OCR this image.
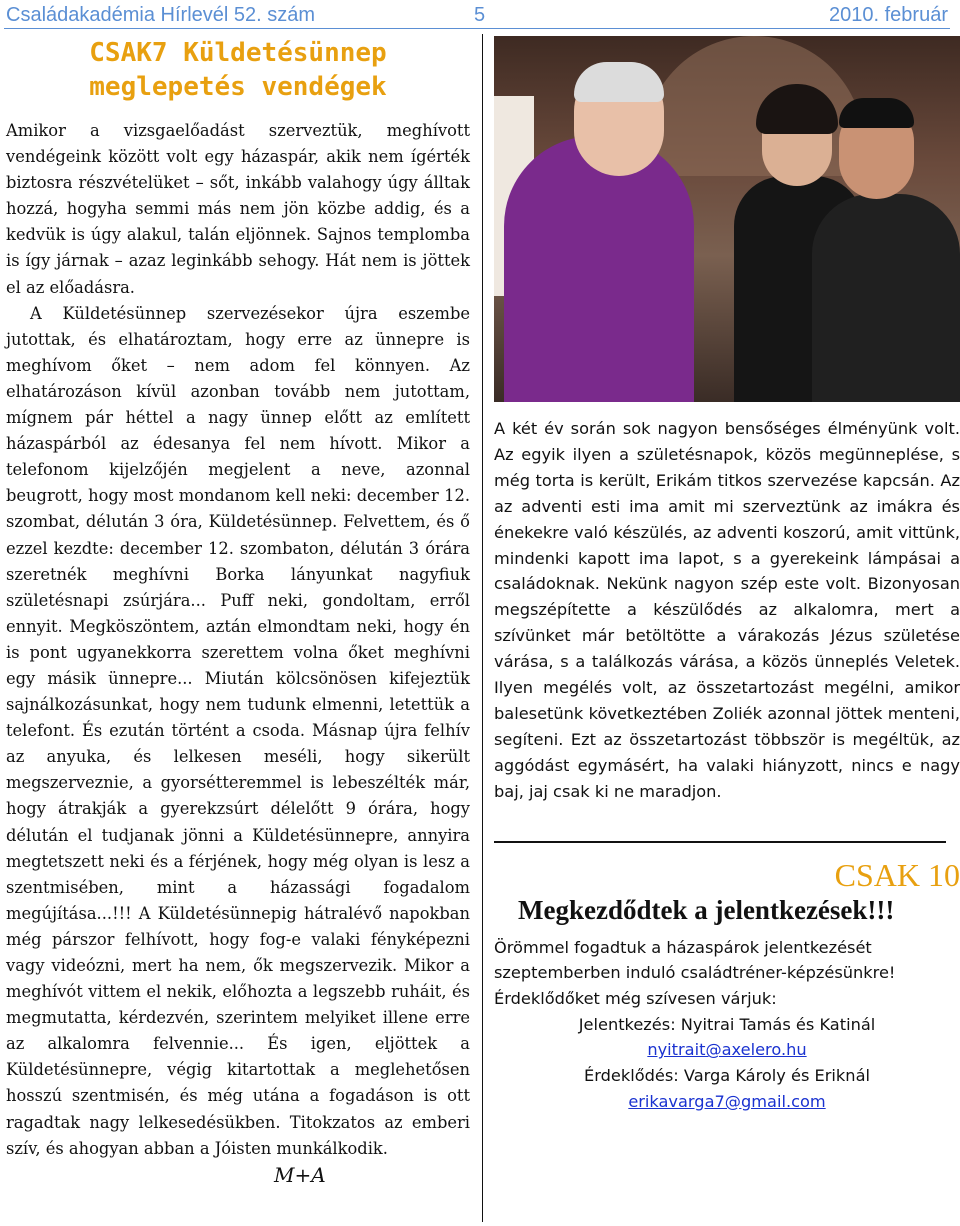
Családakadémia Hírlevél 52. szám	5	2010. február
CSAK7 Küldetésünnep
meglepetés vendégek

Amikor a vizsgaelőadást szerveztük, meghívott vendégeink között volt egy házaspár, akik nem ígérték biztosra részvételüket – sőt, inkább valahogy úgy álltak hozzá, hogyha semmi más nem jön közbe addig, és a kedvük is úgy alakul, talán eljönnek. Sajnos templomba is így járnak – azaz leginkább sehogy. Hát nem is jöttek el az előadásra.

A Küldetésünnep szervezésekor újra eszembe jutottak, és elhatároztam, hogy erre az ünnepre is meghívom őket – nem adom fel könnyen. Az elhatározáson kívül azonban tovább nem jutottam, mígnem pár héttel a nagy ünnep előtt az említett házaspárból az édesanya fel nem hívott. Mikor a telefonom kijelzőjén megjelent a neve, azonnal beugrott, hogy most mondanom kell neki: december 12. szombat, délután 3 óra, Küldetésünnep. Felvettem, és ő ezzel kezdte: december 12. szombaton, délután 3 órára szeretnék meghívni Borka lányunkat nagyfiuk születésnapi zsúrjára... Puff neki, gondoltam, erről ennyit. Megköszöntem, aztán elmondtam neki, hogy én is pont ugyanekkorra szerettem volna őket meghívni egy másik ünnepre... Miután kölcsönösen kifejeztük sajnálkozásunkat, hogy nem tudunk elmenni, letettük a telefont. És ezután történt a csoda. Másnap újra felhív az anyuka, és lelkesen meséli, hogy sikerült megszerveznie, a gyorsétteremmel is lebeszélték már, hogy átrakják a gyerekzsúrt délelőtt 9 órára, hogy délután el tudjanak jönni a Küldetésünnepre, annyira megtetszett neki és a férjének, hogy még olyan is lesz a szentmisében, mint a házassági fogadalom megújítása...!!! A Küldetésünnepig hátralévő napokban még párszor felhívott, hogy fog-e valaki fényképezni vagy videózni, mert ha nem, ők megszervezik. Mikor a meghívót vittem el nekik, előhozta a legszebb ruháit, és megmutatta, kérdezvén, szerintem melyiket illene erre az alkalomra felvennie... És igen, eljöttek a Küldetésünnepre, végig kitartottak a meglehetősen hosszú szentmisén, és még utána a fogadáson is ott ragadtak nagy lelkesedésükben. Titokzatos az emberi szív, és ahogyan abban a Jóisten munkálkodik.

M+A

A két év során sok nagyon bensőséges élményünk volt. Az egyik ilyen a születésnapok, közös megünneplése, s még torta is került, Erikám titkos szervezése kapcsán. Az az adventi esti ima amit mi szerveztünk az imákra és énekekre való készülés, az adventi koszorú, amit vittünk, mindenki kapott ima lapot, s a gyerekeink lámpásai a családoknak. Nekünk nagyon szép este volt. Bizonyosan megszépítette a készülődés az alkalomra, mert a szívünket már betöltötte a várakozás Jézus születése várása, s a találkozás várása, a közös ünneplés Veletek. Ilyen megélés volt, az összetartozást megélni, amikor balesetünk következtében Zoliék azonnal jöttek menteni, segíteni. Ezt az összetartozást többször is megéltük, az aggódást egymásért, ha valaki hiányzott, nincs e nagy baj, jaj csak ki ne maradjon.

CSAK 10
Megkezdődtek a jelentkezések!!!
Örömmel fogadtuk a házaspárok jelentkezését szeptemberben induló családtréner-képzésünkre! Érdeklődőket még szívesen várjuk:
Jelentkezés: Nyitrai Tamás és Katinál
nyitrait@axelero.hu
Érdeklődés: Varga Károly és Eriknál
erikavarga7@gmail.com
